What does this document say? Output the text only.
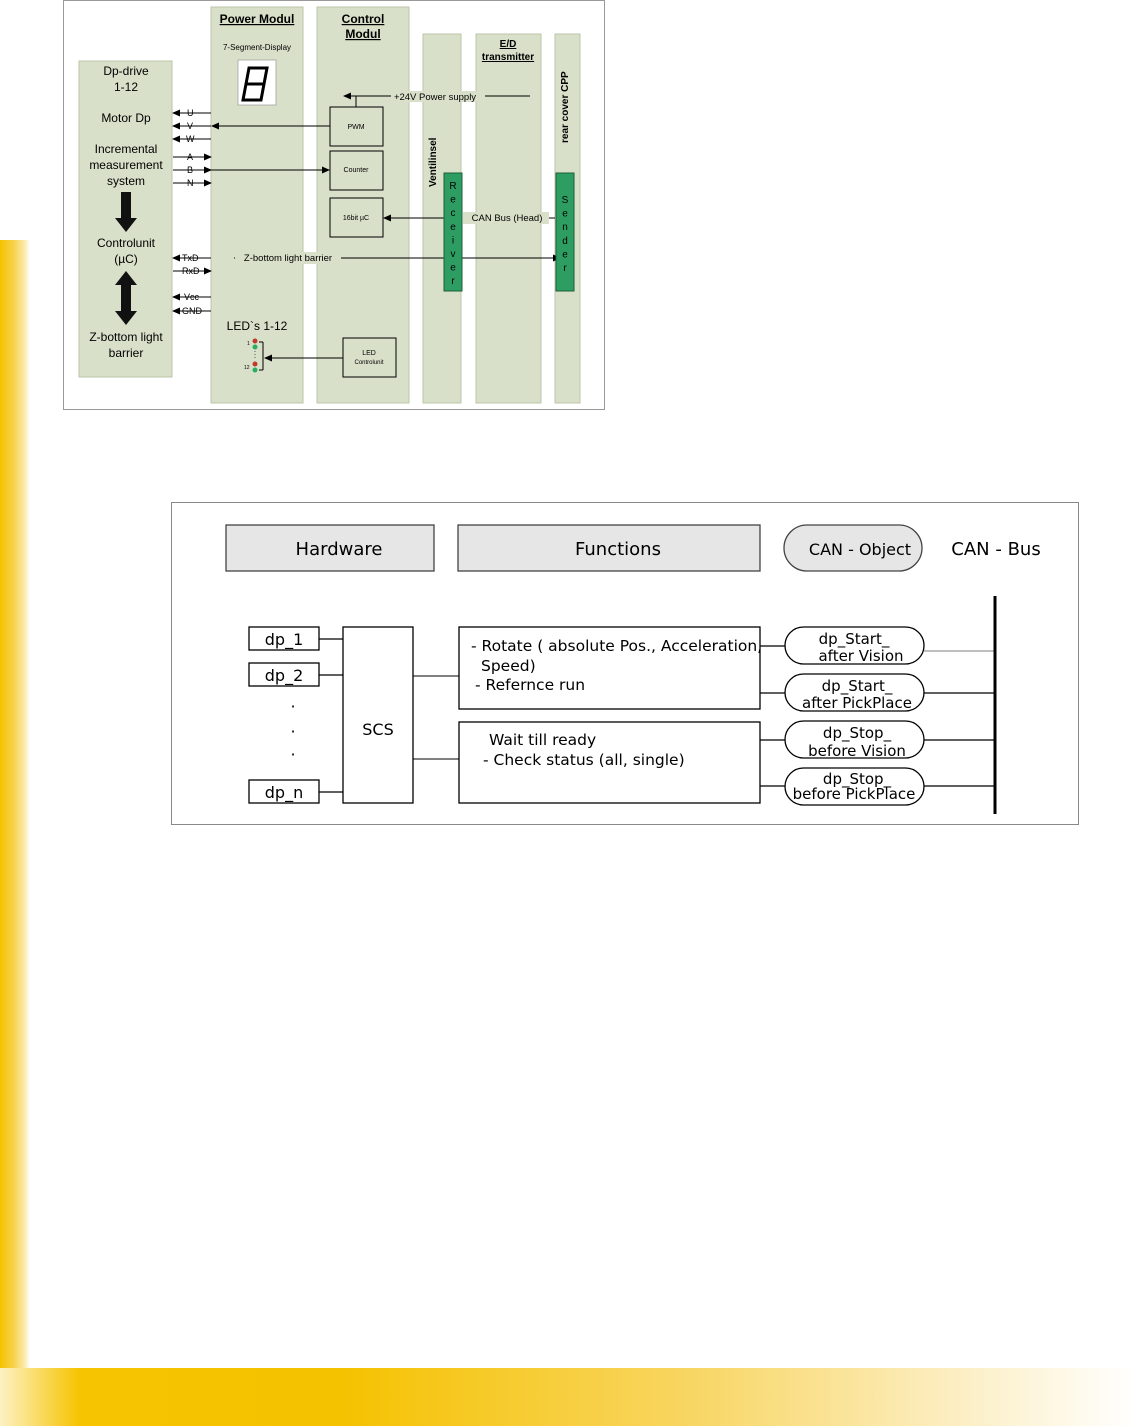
Power Modul	Control
Modul
E/D
transmitter
Ventilinsel
rear cover CPP
Dp-drive
1-12
Motor Dp
Incremental
measurement
system
Controlunit
(µC)
Z-bottom light
barrier
7-Segment-Display
U
V
W
A
B
N
TxD
RxD
Vcc
GND
PWM
Counter
16bit µC
LED
Controlunit
+24V Power supply
CAN Bus (Head)
Z-bottom light barrier
LED`s 1-12
1
12
R
e
c
e
i
v
e
r
S
e
n
d
e
r
Hardware	Functions	CAN - Object CAN - Bus
dp_1
dp_2
·
·
·
dp_n
SCS
- Rotate ( absolute Pos., Acceleration,
Speed)
- Refernce run
Wait till ready
- Check status (all, single)
dp_Start_
after Vision
dp_Start_
after PickPlace
dp_Stop_
before Vision
dp_Stop_
before PickPlace
